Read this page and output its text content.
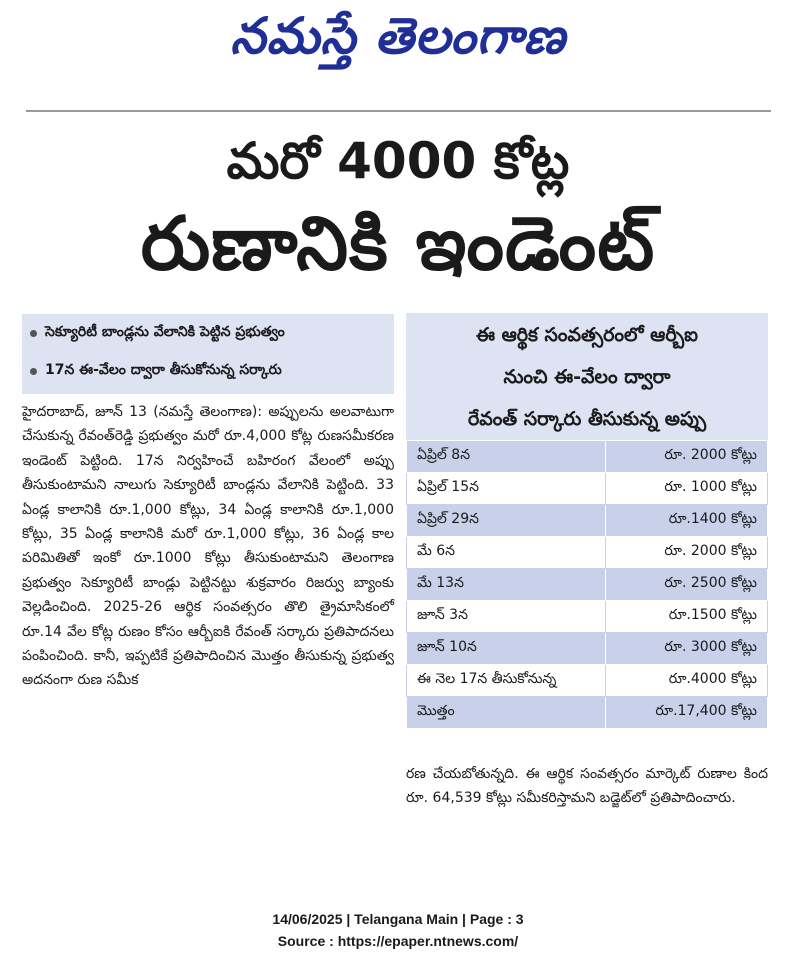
నమస్తే తెలంగాణ
మరో 4000 కోట్ల
రుణానికి ఇండెంట్
సెక్యూరిటీ బాండ్లను వేలానికి పెట్టిన ప్రభుత్వం
17న ఈ-వేలం ద్వారా తీసుకోనున్న సర్కారు

హైదరాబాద్, జూన్ 13 (నమస్తే తెలంగాణ): అప్పులను అలవాటుగా చేసుకున్న రేవంత్‌రెడ్డి ప్రభుత్వం మరో రూ.4,000 కోట్ల రుణసమీకరణ ఇండెంట్ పెట్టింది. 17న నిర్వహించే బహిరంగ వేలంలో అప్పు తీసుకుంటామని నాలుగు సెక్యూరిటీ బాండ్లను వేలానికి పెట్టింది. 33 ఏండ్ల కాలానికి రూ.1,000 కోట్లు, 34 ఏండ్ల కాలానికి రూ.1,000 కోట్లు, 35 ఏండ్ల కాలానికి మరో రూ.1,000 కోట్లు, 36 ఏండ్ల కాల పరిమితితో ఇంకో రూ.1000 కోట్లు తీసుకుంటామని తెలంగాణ ప్రభుత్వం సెక్యూరిటీ బాండ్లు పెట్టినట్టు శుక్రవారం రిజర్వు బ్యాంకు వెల్లడించింది. 2025-26 ఆర్థిక సంవత్సరం తొలి త్రైమాసికంలో రూ.14 వేల కోట్ల రుణం కోసం ఆర్బీఐకి రేవంత్ సర్కారు ప్రతిపాదనలు పంపించింది. కానీ, ఇప్పటికే ప్రతిపాదించిన మొత్తం తీసుకున్న ప్రభుత్వ అదనంగా రుణ సమీక

ఈ ఆర్థిక సంవత్సరంలో ఆర్బీఐ
నుంచి ఈ-వేలం ద్వారా
రేవంత్ సర్కారు తీసుకున్న అప్పు
ఏప్రిల్ 8న	రూ. 2000 కోట్లు
ఏప్రిల్ 15న	రూ. 1000 కోట్లు
ఏప్రిల్ 29న	రూ.1400 కోట్లు
మే 6న	రూ. 2000 కోట్లు
మే 13న	రూ. 2500 కోట్లు
జూన్ 3న	రూ.1500 కోట్లు
జూన్ 10న	రూ. 3000 కోట్లు
ఈ నెల 17న తీసుకోనున్న	రూ.4000 కోట్లు
మొత్తం	రూ.17,400 కోట్లు

రణ చేయబోతున్నది. ఈ ఆర్థిక సంవత్సరం మార్కెట్ రుణాల కింద రూ. 64,539 కోట్లు సమీకరిస్తామని బడ్జెట్‌లో ప్రతిపాదించారు.

14/06/2025 | Telangana Main | Page : 3
Source : https://epaper.ntnews.com/
